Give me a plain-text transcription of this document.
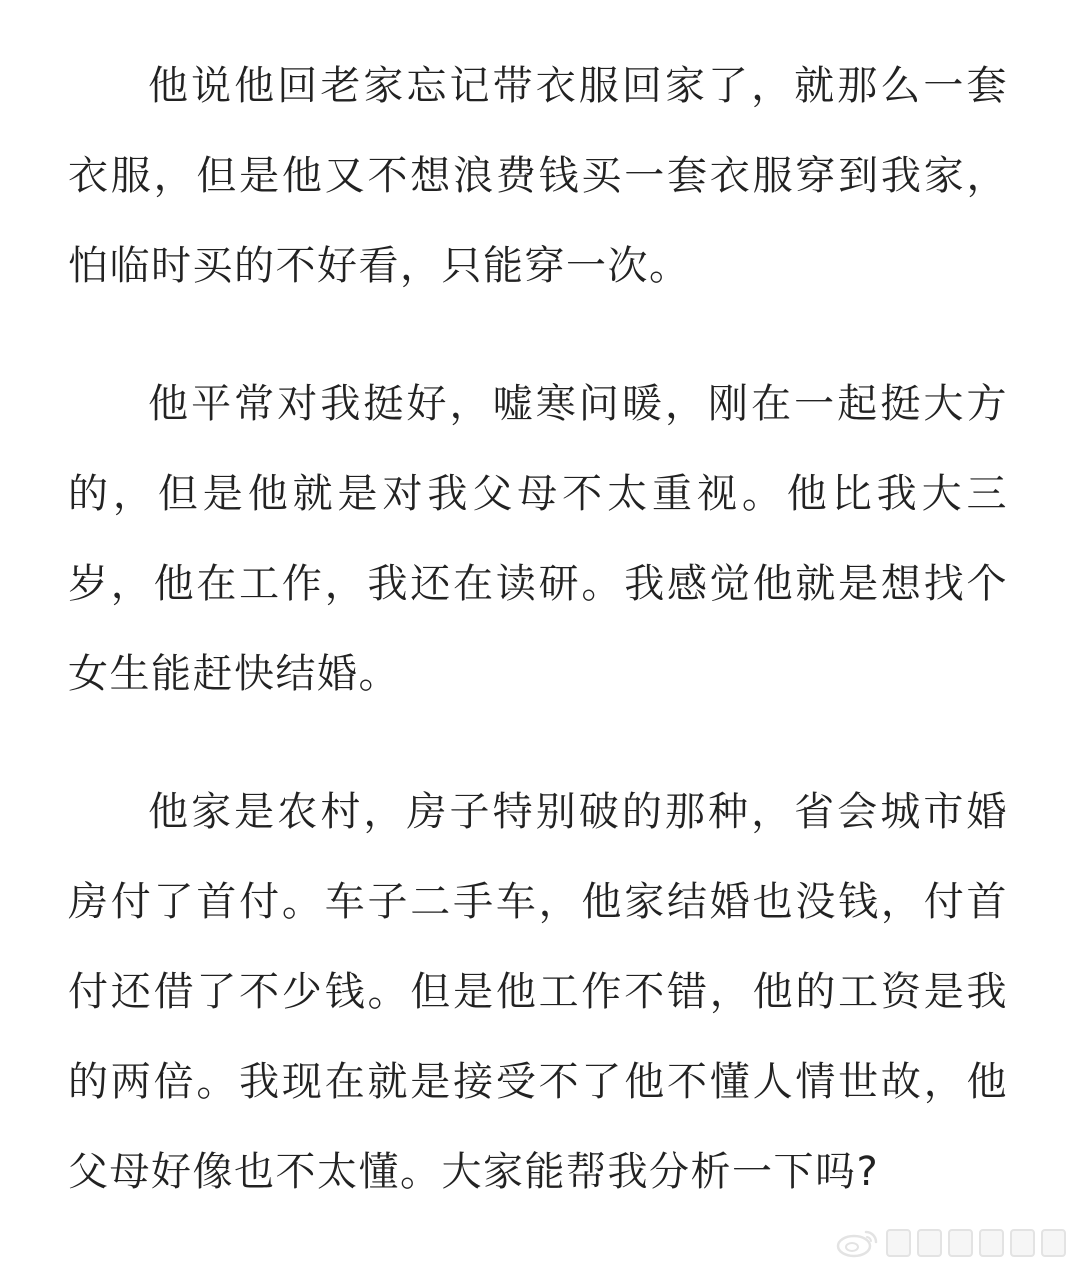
他说他回老家忘记带衣服回家了，就那么一套衣服，但是他又不想浪费钱买一套衣服穿到我家，怕临时买的不好看，只能穿一次。

他平常对我挺好，嘘寒问暖，刚在一起挺大方的，但是他就是对我父母不太重视。他比我大三岁，他在工作，我还在读研。我感觉他就是想找个女生能赶快结婚。

他家是农村，房子特别破的那种，省会城市婚房付了首付。车子二手车，他家结婚也没钱，付首付还借了不少钱。但是他工作不错，他的工资是我的两倍。我现在就是接受不了他不懂人情世故，他父母好像也不太懂。大家能帮我分析一下吗?
